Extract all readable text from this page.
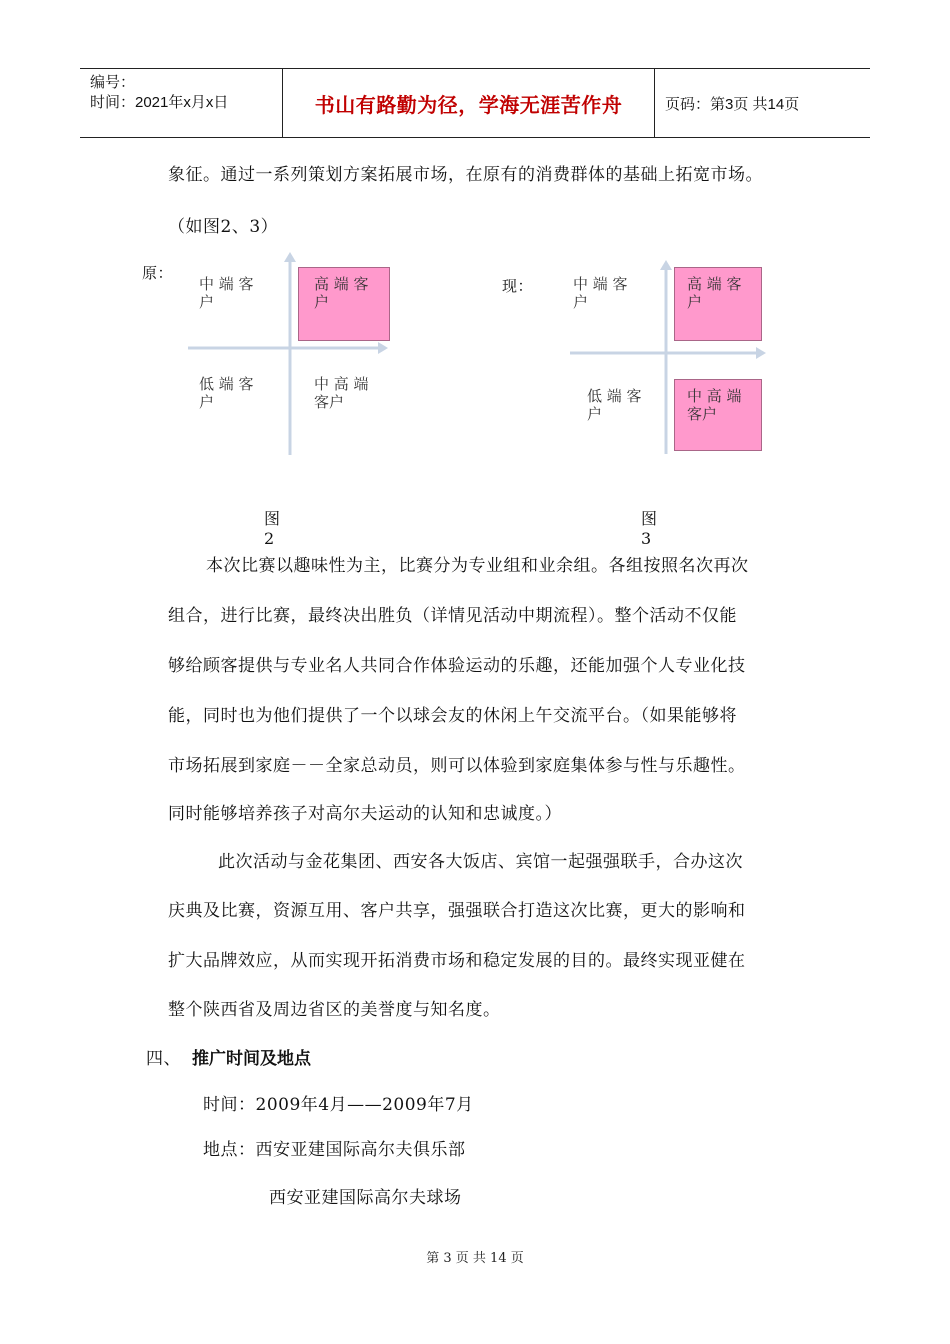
编号：
时间：2021年x月x日	书山有路勤为径，学海无涯苦作舟	页码：第3页 共14页
象征。通过一系列策划方案拓展市场，在原有的消费群体的基础上拓宽市场。
（如图2、3）
原：
中 端 客
户
高 端 客
户
低 端 客
户
中 高 端
客户
图2
现：	中 端 客
户
高 端 客
户
低 端 客
户
中 高 端
客户
图3
本次比赛以趣味性为主，比赛分为专业组和业余组。各组按照名次再次
组合，进行比赛，最终决出胜负（详情见活动中期流程）。整个活动不仅能
够给顾客提供与专业名人共同合作体验运动的乐趣，还能加强个人专业化技
能，同时也为他们提供了一个以球会友的休闲上午交流平台。（如果能够将
市场拓展到家庭－－全家总动员，则可以体验到家庭集体参与性与乐趣性。
同时能够培养孩子对高尔夫运动的认知和忠诚度。）
此次活动与金花集团、西安各大饭店、宾馆一起强强联手，合办这次
庆典及比赛，资源互用、客户共享，强强联合打造这次比赛，更大的影响和
扩大品牌效应，从而实现开拓消费市场和稳定发展的目的。最终实现亚健在
整个陕西省及周边省区的美誉度与知名度。
四、 推广时间及地点
时间：2009年4月——2009年7月
地点：西安亚建国际高尔夫俱乐部
西安亚建国际高尔夫球场
第 3 页 共 14 页
